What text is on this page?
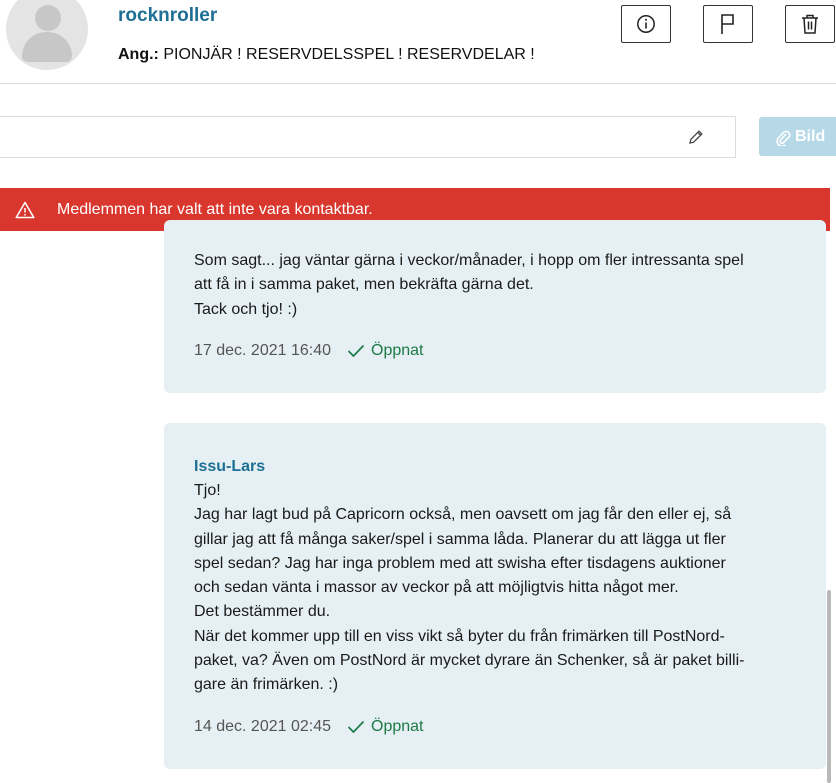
rocknroller
Ang.: PIONJÄR ! RESERVDELSSPEL ! RESERVDELAR !
Bild
Medlemmen har valt att inte vara kontaktbar.
Som sagt... jag väntar gärna i veckor/månader, i hopp om fler intressanta spel
att få in i samma paket, men bekräfta gärna det.
Tack och tjo! :)
17 dec. 2021 16:40	Öppnat
Issu-Lars
Tjo!
Jag har lagt bud på Capricorn också, men oavsett om jag får den eller ej, så
gillar jag att få många saker/spel i samma låda. Planerar du att lägga ut fler
spel sedan? Jag har inga problem med att swisha efter tisdagens auktioner
och sedan vänta i massor av veckor på att möjligtvis hitta något mer.
Det bestämmer du.
När det kommer upp till en viss vikt så byter du från frimärken till PostNord-
paket, va? Även om PostNord är mycket dyrare än Schenker, så är paket billi-
gare än frimärken. :)
14 dec. 2021 02:45	Öppnat
